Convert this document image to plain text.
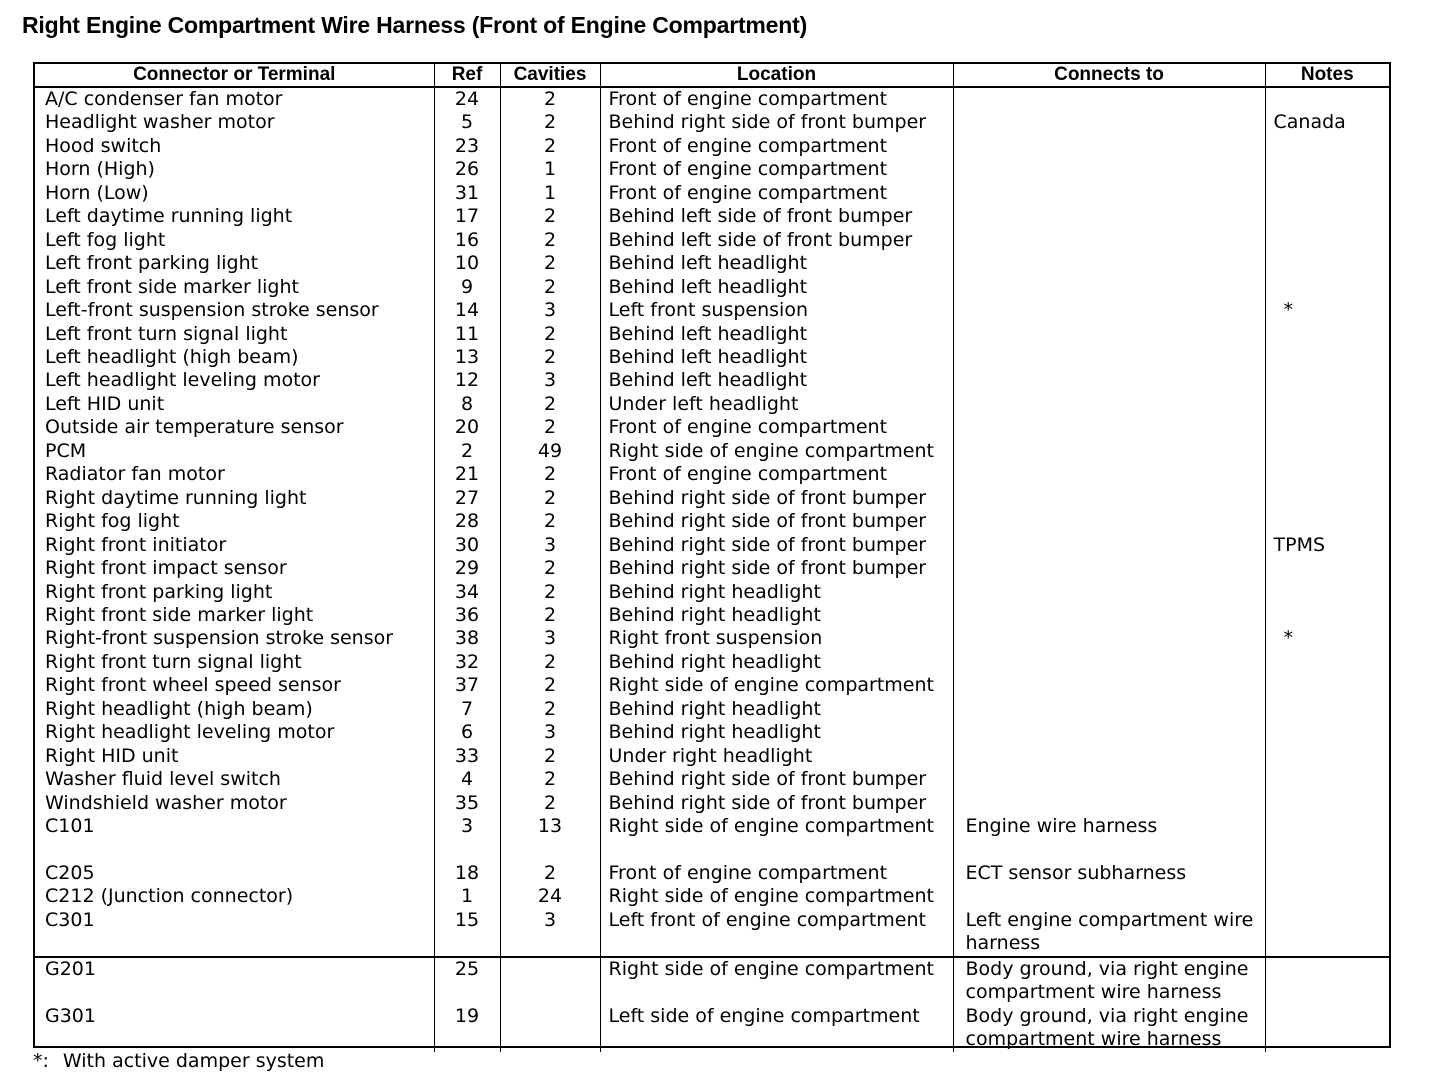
Right Engine Compartment Wire Harness (Front of Engine Compartment)
Connector or Terminal	Ref	Cavities	Location	Connects to	Notes
A/C condenser fan motor	24	2	Front of engine compartment		
Headlight washer motor	5	2	Behind right side of front bumper		Canada
Hood switch	23	2	Front of engine compartment		
Horn (High)	26	1	Front of engine compartment		
Horn (Low)	31	1	Front of engine compartment		
Left daytime running light	17	2	Behind left side of front bumper		
Left fog light	16	2	Behind left side of front bumper		
Left front parking light	10	2	Behind left headlight		
Left front side marker light	9	2	Behind left headlight		
Left-front suspension stroke sensor	14	3	Left front suspension		*
Left front turn signal light	11	2	Behind left headlight		
Left headlight (high beam)	13	2	Behind left headlight		
Left headlight leveling motor	12	3	Behind left headlight		
Left HID unit	8	2	Under left headlight		
Outside air temperature sensor	20	2	Front of engine compartment		
PCM	2	49	Right side of engine compartment		
Radiator fan motor	21	2	Front of engine compartment		
Right daytime running light	27	2	Behind right side of front bumper		
Right fog light	28	2	Behind right side of front bumper		
Right front initiator	30	3	Behind right side of front bumper		TPMS
Right front impact sensor	29	2	Behind right side of front bumper		
Right front parking light	34	2	Behind right headlight		
Right front side marker light	36	2	Behind right headlight		
Right-front suspension stroke sensor	38	3	Right front suspension		*
Right front turn signal light	32	2	Behind right headlight		
Right front wheel speed sensor	37	2	Right side of engine compartment		
Right headlight (high beam)	7	2	Behind right headlight		
Right headlight leveling motor	6	3	Behind right headlight		
Right HID unit	33	2	Under right headlight		
Washer fluid level switch	4	2	Behind right side of front bumper		
Windshield washer motor	35	2	Behind right side of front bumper		
C101	3	13	Right side of engine compartment	Engine wire harness	

C205	18	2	Front of engine compartment	ECT sensor subharness	
C212 (Junction connector)	1	24	Right side of engine compartment		
C301	15	3	Left front of engine compartment	Left engine compartment wire harness	
G201	25		Right side of engine compartment	Body ground, via right engine compartment wire harness	
G301	19		Left side of engine compartment	Body ground, via right engine compartment wire harness	
*: With active damper system
